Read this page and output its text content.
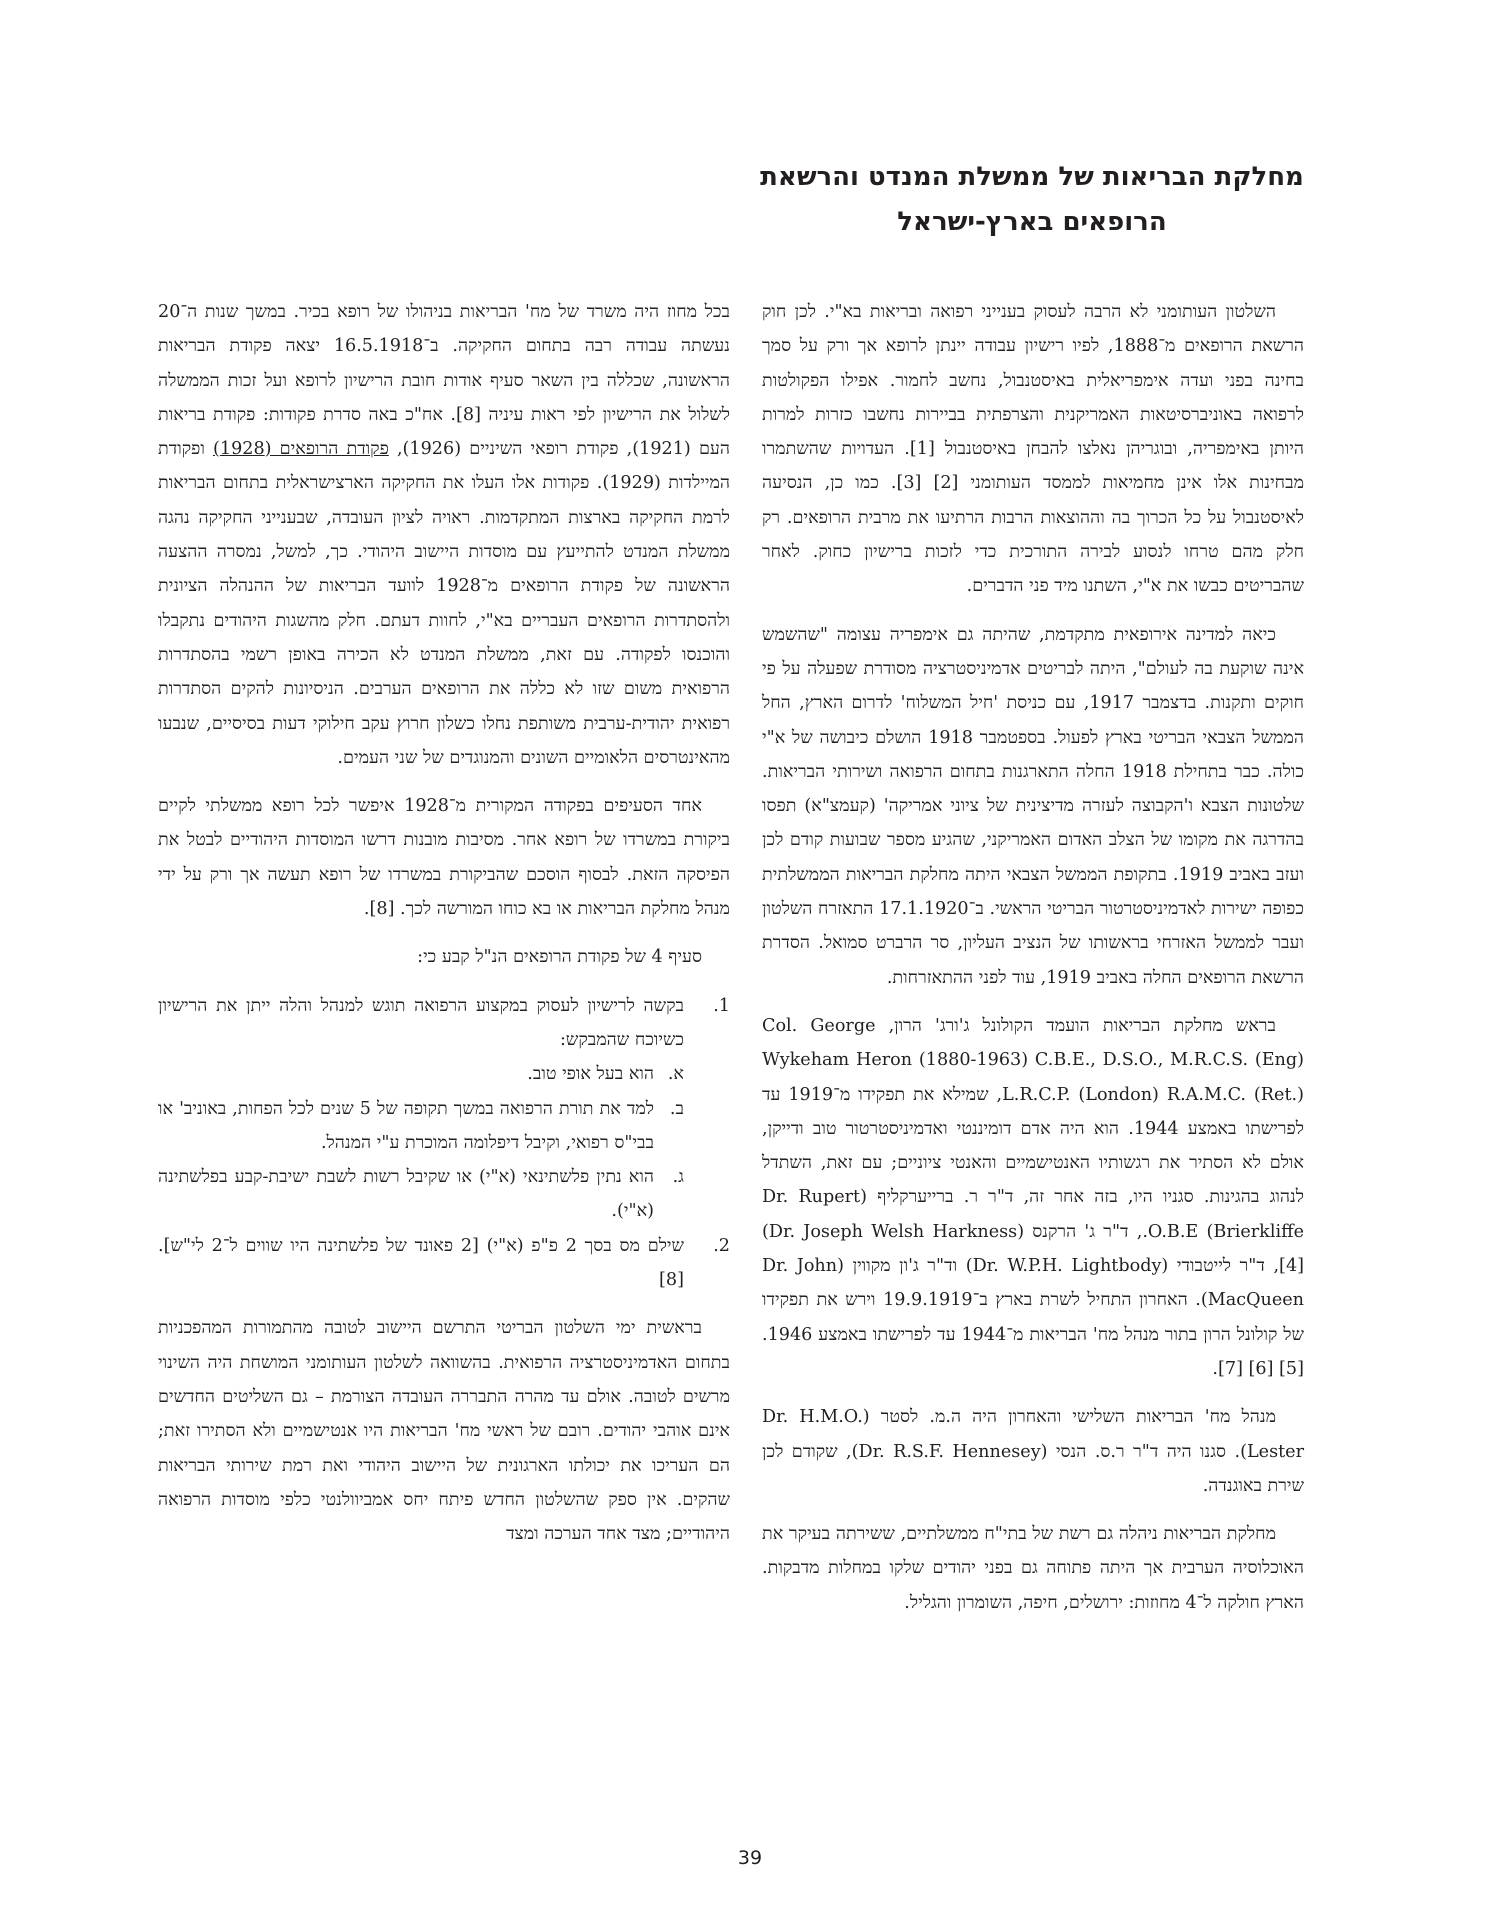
מחלקת הבריאות של ממשלת המנדט והרשאת
הרופאים בארץ-ישראל

השלטון העותומני לא הרבה לעסוק בענייני רפואה ובריאות בא"י. לכן חוק הרשאת הרופאים מ־1888, לפיו רישיון עבודה יינתן לרופא אך ורק על סמך בחינה בפני ועדה אימפריאלית באיסטנבול, נחשב לחמור. אפילו הפקולטות לרפואה באוניברסיטאות האמריקנית והצרפתית בביירות נחשבו כזרות למרות היותן באימפריה, ובוגריהן נאלצו להבחן באיסטנבול [1]. העדויות שהשתמרו מבחינות אלו אינן מחמיאות לממסד העותומני [2] [3]. כמו כן, הנסיעה לאיסטנבול על כל הכרוך בה וההוצאות הרבות הרתיעו את מרבית הרופאים. רק חלק מהם טרחו לנסוע לבירה התורכית כדי לזכות ברישיון כחוק. לאחר שהבריטים כבשו את א"י, השתנו מיד פני הדברים.

כיאה למדינה אירופאית מתקדמת, שהיתה גם אימפריה עצומה "שהשמש אינה שוקעת בה לעולם", היתה לבריטים אדמיניסטרציה מסודרת שפעלה על פי חוקים ותקנות. בדצמבר 1917, עם כניסת 'חיל המשלוח' לדרום הארץ, החל הממשל הצבאי הבריטי בארץ לפעול. בספטמבר 1918 הושלם כיבושה של א"י כולה. כבר בתחילת 1918 החלה התארגנות בתחום הרפואה ושירותי הבריאות. שלטונות הצבא ו'הקבוצה לעזרה מדיצינית של ציוני אמריקה' (קעמצ"א) תפסו בהדרגה את מקומו של הצלב האדום האמריקני, שהגיע מספר שבועות קודם לכן ועזב באביב 1919. בתקופת הממשל הצבאי היתה מחלקת הבריאות הממשלתית כפופה ישירות לאדמיניסטרטור הבריטי הראשי. ב־17.1.1920 התאזרח השלטון ועבר לממשל האזרחי בראשותו של הנציב העליון, סר הרברט סמואל. הסדרת הרשאת הרופאים החלה באביב 1919, עוד לפני ההתאזרחות.

בראש מחלקת הבריאות הועמד הקולונל ג'ורג' הרון, Col. George Wykeham Heron (1880-1963) C.B.E., D.S.O., M.R.C.S. (Eng) L.R.C.P. (London) R.A.M.C. (Ret.), שמילא את תפקידו מ־1919 עד לפרישתו באמצע 1944. הוא היה אדם דומיננטי ואדמיניסטרטור טוב ודייקן, אולם לא הסתיר את רגשותיו האנטישמיים והאנטי ציוניים; עם זאת, השתדל לנהוג בהגינות. סגניו היו, בזה אחר זה, ד"ר ר. ברייערקליף (Dr. Rupert Brierkliffe) O.B.E., ד"ר ג' הרקנס (Dr. Joseph Welsh Harkness) [4], ד"ר לייטבודי (Dr. W.P.H. Lightbody) וד"ר ג'ון מקווין (Dr. John MacQueen). האחרון התחיל לשרת בארץ ב־19.9.1919 וירש את תפקידו של קולונל הרון בתור מנהל מח' הבריאות מ־1944 עד לפרישתו באמצע 1946. [5] [6] [7].

מנהל מח' הבריאות השלישי והאחרון היה ה.מ. לסטר (Dr. H.M.O. Lester). סגנו היה ד"ר ר.ס. הנסי (Dr. R.S.F. Hennesey), שקודם לכן שירת באוגנדה.

מחלקת הבריאות ניהלה גם רשת של בתי"ח ממשלתיים, ששירתה בעיקר את האוכלוסיה הערבית אך היתה פתוחה גם בפני יהודים שלקו במחלות מדבקות. הארץ חולקה ל־4 מחוזות: ירושלים, חיפה, השומרון והגליל.

בכל מחוז היה משרד של מח' הבריאות בניהולו של רופא בכיר. במשך שנות ה־20 נעשתה עבודה רבה בתחום החקיקה. ב־16.5.1918 יצאה פקודת הבריאות הראשונה, שכללה בין השאר סעיף אודות חובת הרישיון לרופא ועל זכות הממשלה לשלול את הרישיון לפי ראות עיניה [8]. אח"כ באה סדרת פקודות: פקודת בריאות העם (1921), פקודת רופאי השיניים (1926), פקודת הרופאים (1928) ופקודת המיילדות (1929). פקודות אלו העלו את החקיקה הארצישראלית בתחום הבריאות לרמת החקיקה בארצות המתקדמות. ראויה לציון העובדה, שבענייני החקיקה נהגה ממשלת המנדט להתייעץ עם מוסדות היישוב היהודי. כך, למשל, נמסרה ההצעה הראשונה של פקודת הרופאים מ־1928 לוועד הבריאות של ההנהלה הציונית ולהסתדרות הרופאים העבריים בא"י, לחוות דעתם. חלק מהשגות היהודים נתקבלו והוכנסו לפקודה. עם זאת, ממשלת המנדט לא הכירה באופן רשמי בהסתדרות הרפואית משום שזו לא כללה את הרופאים הערבים. הניסיונות להקים הסתדרות רפואית יהודית-ערבית משותפת נחלו כשלון חרוץ עקב חילוקי דעות בסיסיים, שנבעו מהאינטרסים הלאומיים השונים והמנוגדים של שני העמים.

אחד הסעיפים בפקודה המקורית מ־1928 איפשר לכל רופא ממשלתי לקיים ביקורת במשרדו של רופא אחר. מסיבות מובנות דרשו המוסדות היהודיים לבטל את הפיסקה הזאת. לבסוף הוסכם שהביקורת במשרדו של רופא תעשה אך ורק על ידי מנהל מחלקת הבריאות או בא כוחו המורשה לכך. [8].

סעיף 4 של פקודת הרופאים הנ"ל קבע כי:

1.
בקשה לרישיון לעסוק במקצוע הרפואה תוגש למנהל והלה ייתן את הרישיון כשיוכח שהמבקש:
א.
הוא בעל אופי טוב.
ב.
למד את תורת הרפואה במשך תקופה של 5 שנים לכל הפחות, באוניב' או בבי"ס רפואי, וקיבל דיפלומה המוכרת ע"י המנהל.
ג.
הוא נתין פלשתינאי (א"י) או שקיבל רשות לשבת ישיבת-קבע בפלשתינה (א"י).
2.
שילם מס בסך 2 פ"פ (א"י) [2 פאונד של פלשתינה היו שווים ל־2 לי"ש]. [8]

בראשית ימי השלטון הבריטי התרשם היישוב לטובה מהתמורות המהפכניות בתחום האדמיניסטרציה הרפואית. בהשוואה לשלטון העותומני המושחת היה השינוי מרשים לטובה. אולם עד מהרה התבררה העובדה הצורמת – גם השליטים החדשים אינם אוהבי יהודים. רובם של ראשי מח' הבריאות היו אנטישמיים ולא הסתירו זאת; הם העריכו את יכולתו הארגונית של היישוב היהודי ואת רמת שירותי הבריאות שהקים. אין ספק שהשלטון החדש פיתח יחס אמביוולנטי כלפי מוסדות הרפואה היהודיים; מצד אחד הערכה ומצד

39
